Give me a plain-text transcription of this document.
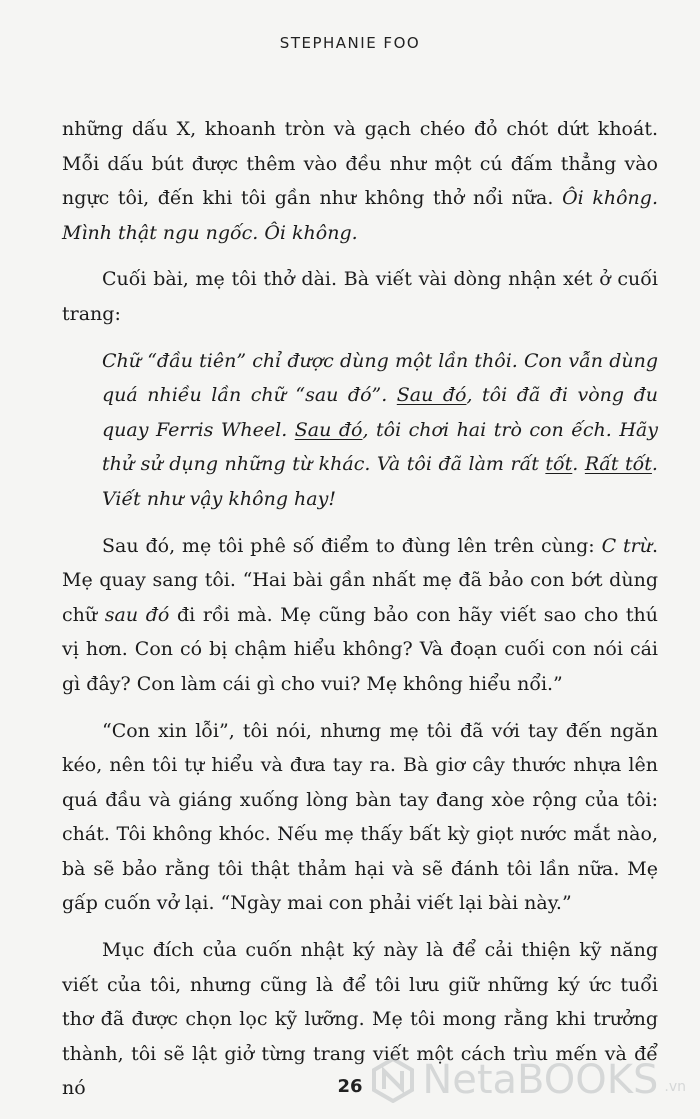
STEPHANIE FOO

những dấu X, khoanh tròn và gạch chéo đỏ chót dứt khoát. Mỗi dấu bút được thêm vào đều như một cú đấm thẳng vào ngực tôi, đến khi tôi gần như không thở nổi nữa. Ôi không. Mình thật ngu ngốc. Ôi không.

Cuối bài, mẹ tôi thở dài. Bà viết vài dòng nhận xét ở cuối trang:

Chữ “đầu tiên” chỉ được dùng một lần thôi. Con vẫn dùng quá nhiều lần chữ “sau đó”. Sau đó, tôi đã đi vòng đu quay Ferris Wheel. Sau đó, tôi chơi hai trò con ếch. Hãy thử sử dụng những từ khác. Và tôi đã làm rất tốt. Rất tốt. Viết như vậy không hay!

Sau đó, mẹ tôi phê số điểm to đùng lên trên cùng: C trừ. Mẹ quay sang tôi. “Hai bài gần nhất mẹ đã bảo con bớt dùng chữ sau đó đi rồi mà. Mẹ cũng bảo con hãy viết sao cho thú vị hơn. Con có bị chậm hiểu không? Và đoạn cuối con nói cái gì đây? Con làm cái gì cho vui? Mẹ không hiểu nổi.”

“Con xin lỗi”, tôi nói, nhưng mẹ tôi đã với tay đến ngăn kéo, nên tôi tự hiểu và đưa tay ra. Bà giơ cây thước nhựa lên quá đầu và giáng xuống lòng bàn tay đang xòe rộng của tôi: chát. Tôi không khóc. Nếu mẹ thấy bất kỳ giọt nước mắt nào, bà sẽ bảo rằng tôi thật thảm hại và sẽ đánh tôi lần nữa. Mẹ gấp cuốn vở lại. “Ngày mai con phải viết lại bài này.”

Mục đích của cuốn nhật ký này là để cải thiện kỹ năng viết của tôi, nhưng cũng là để tôi lưu giữ những ký ức tuổi thơ đã được chọn lọc kỹ lưỡng. Mẹ tôi mong rằng khi trưởng thành, tôi sẽ lật giở từng trang viết một cách trìu mến và để nó	26	NetaBOOKS .vn
